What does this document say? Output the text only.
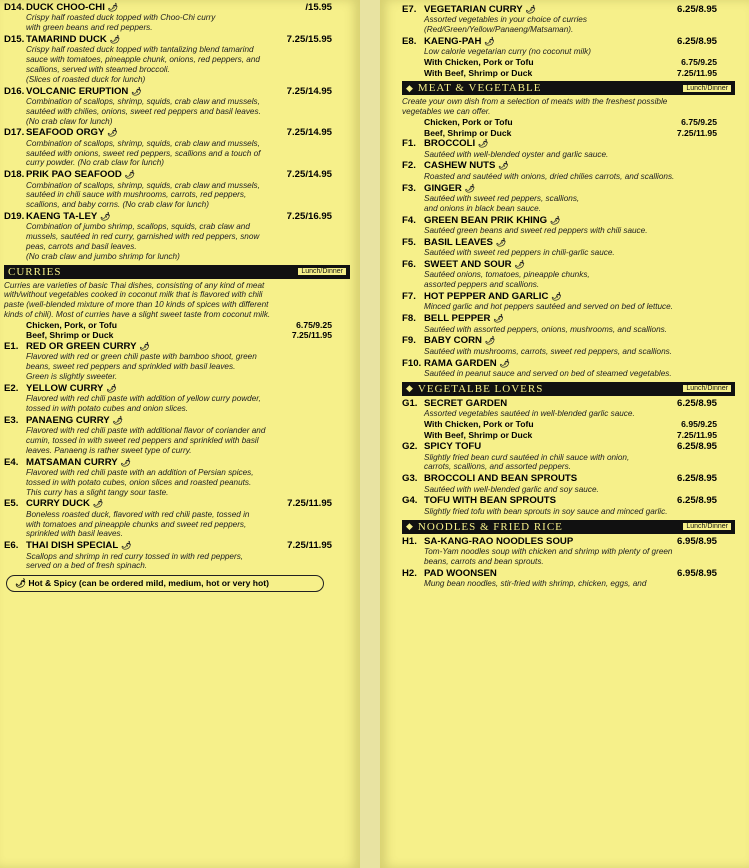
D14. DUCK CHOO-CHI 🌶	/15.95
Crispy half roasted duck topped with Choo-Chi curry
with green beans and red peppers.
D15. TAMARIND DUCK 🌶	7.25/15.95
Crispy half roasted duck topped with tantalizing blend tamarind
sauce with tomatoes, pineapple chunk, onions, red peppers, and
scallions, served with steamed broccoli.
(Slices of roasted duck for lunch)
D16. VOLCANIC ERUPTION 🌶	7.25/14.95
Combination of scallops, shrimp, squids, crab claw and mussels,
sautéed with chilies, onions, sweet red peppers and basil leaves.
(No crab claw for lunch)
D17. SEAFOOD ORGY 🌶	7.25/14.95
Combination of scallops, shrimp, squids, crab claw and mussels,
sautéed with onions, sweet red peppers, scallions and a touch of
curry powder. (No crab claw for lunch)
D18. PRIK PAO SEAFOOD 🌶	7.25/14.95
Combination of scallops, shrimp, squids, crab claw and mussels,
sautéed in chili sauce with mushrooms, carrots, red peppers,
scallions, and baby corns. (No crab claw for lunch)
D19. KAENG TA-LEY 🌶	7.25/16.95
Combination of jumbo shrimp, scallops, squids, crab claw and
mussels, sautéed in red curry, garnished with red peppers, snow
peas, carrots and basil leaves.
(No crab claw and jumbo shrimp for lunch)
CURRIES	Lunch/Dinner
Curries are varieties of basic Thai dishes, consisting of any kind of meat
with/without vegetables cooked in coconut milk that is flavored with chili
paste (well-blended mixture of more than 10 kinds of spices with different
kinds of chili). Most of curries have a slight sweet taste from coconut milk.
Chicken, Pork, or Tofu	6.75/9.25
Beef, Shrimp or Duck	7.25/11.95
E1. RED OR GREEN CURRY 🌶
Flavored with red or green chili paste with bamboo shoot, green
beans, sweet red peppers and sprinkled with basil leaves.
Green is slightly sweeter.
E2. YELLOW CURRY 🌶
Flavored with red chili paste with addition of yellow curry powder,
tossed in with potato cubes and onion slices.
E3. PANAENG CURRY 🌶
Flavored with red chili paste with additional flavor of coriander and
cumin, tossed in with sweet red peppers and sprinkled with basil
leaves. Panaeng is rather sweet type of curry.
E4. MATSAMAN CURRY 🌶
Flavored with red chili paste with an addition of Persian spices,
tossed in with potato cubes, onion slices and roasted peanuts.
This curry has a slight tangy sour taste.
E5. CURRY DUCK 🌶	7.25/11.95
Boneless roasted duck, flavored with red chili paste, tossed in
with tomatoes and pineapple chunks and sweet red peppers,
sprinkled with basil leaves.
E6. THAI DISH SPECIAL 🌶	7.25/11.95
Scallops and shrimp in red curry tossed in with red peppers,
served on a bed of fresh spinach.
🌶 Hot & Spicy (can be ordered mild, medium, hot or very hot)
E7. VEGETARIAN CURRY 🌶	6.25/8.95
Assorted vegetables in your choice of curries
(Red/Green/Yellow/Panaeng/Matsaman).
E8. KAENG-PAH 🌶	6.25/8.95
Low calorie vegetarian curry (no coconut milk)
With Chicken, Pork or Tofu	6.75/9.25
With Beef, Shrimp or Duck	7.25/11.95
◆ MEAT & VEGETABLE	Lunch/Dinner
Create your own dish from a selection of meats with the freshest possible
vegetables we can offer.
Chicken, Pork or Tofu	6.75/9.25
Beef, Shrimp or Duck	7.25/11.95
F1. BROCCOLI 🌶
Sautéed with well-blended oyster and garlic sauce.
F2. CASHEW NUTS 🌶
Roasted and sautéed with onions, dried chilies carrots, and scallions.
F3. GINGER 🌶
Sautéed with sweet red peppers, scallions,
and onions in black bean sauce.
F4. GREEN BEAN PRIK KHING 🌶
Sautéed green beans and sweet red peppers with chili sauce.
F5. BASIL LEAVES 🌶
Sautéed with sweet red peppers in chili-garlic sauce.
F6. SWEET AND SOUR 🌶
Sautéed onions, tomatoes, pineapple chunks,
assorted peppers and scallions.
F7. HOT PEPPER AND GARLIC 🌶
Minced garlic and hot peppers sautéed and served on bed of lettuce.
F8. BELL PEPPER 🌶
Sautéed with assorted peppers, onions, mushrooms, and scallions.
F9. BABY CORN 🌶
Sautéed with mushrooms, carrots, sweet red peppers, and scallions.
F10. RAMA GARDEN 🌶
Sautéed in peanut sauce and served on bed of steamed vegetables.
◆ VEGETALBE LOVERS	Lunch/Dinner
G1. SECRET GARDEN	6.25/8.95
Assorted vegetables sautéed in well-blended garlic sauce.
With Chicken, Pork or Tofu	6.95/9.25
With Beef, Shrimp or Duck	7.25/11.95
G2. SPICY TOFU	6.25/8.95
Slightly fried bean curd sautéed in chili sauce with onion,
carrots, scallions, and assorted peppers.
G3. BROCCOLI AND BEAN SPROUTS	6.25/8.95
Sautéed with well-blended garlic and soy sauce.
G4. TOFU WITH BEAN SPROUTS	6.25/8.95
Slightly fried tofu with bean sprouts in soy sauce and minced garlic.
◆ NOODLES & FRIED RICE	Lunch/Dinner
H1. SA-KANG-RAO NOODLES SOUP	6.95/8.95
Tom-Yam noodles soup with chicken and shrimp with plenty of green
beans, carrots and bean sprouts.
H2. PAD WOONSEN	6.95/8.95
Mung bean noodles, stir-fried with shrimp, chicken, eggs, and
